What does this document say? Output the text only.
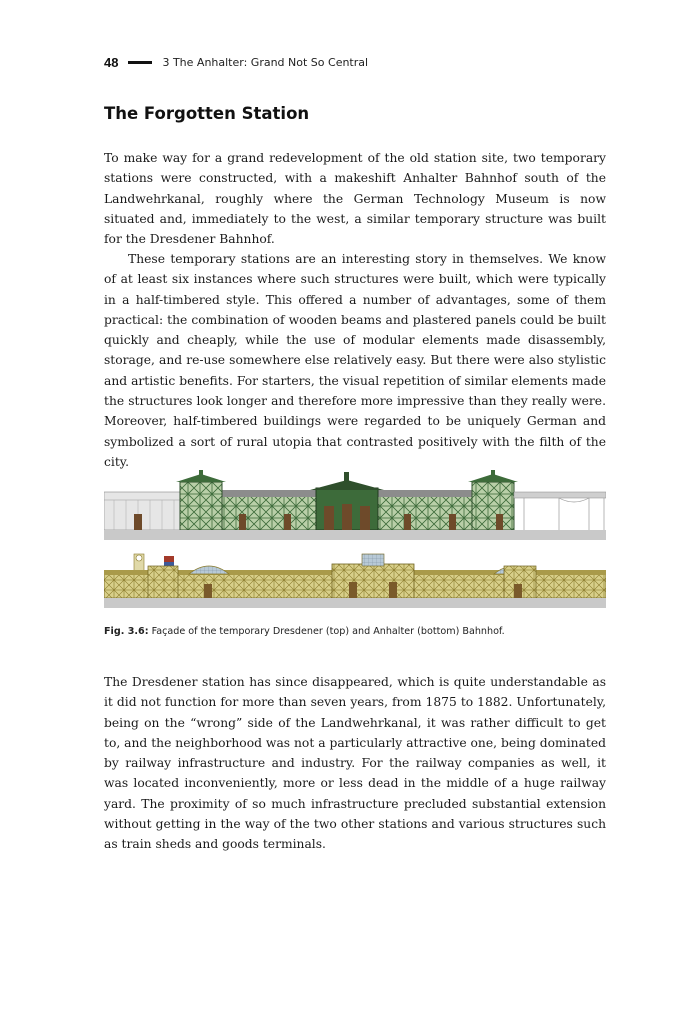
48	3 The Anhalter: Grand Not So Central
The Forgotten Station

To make way for a grand redevelopment of the old station site, two temporary stations were constructed, with a makeshift Anhalter Bahnhof south of the Landwehrkanal, roughly where the German Technology Museum is now situated and, immediately to the west, a similar temporary structure was built for the Dresdener Bahnhof.

These temporary stations are an interesting story in themselves. We know of at least six instances where such structures were built, which were typically in a half-timbered style. This offered a number of advantages, some of them practical: the combination of wooden beams and plastered panels could be built quickly and cheaply, while the use of modular elements made disassembly, storage, and re-use somewhere else relatively easy. But there were also stylistic and artistic benefits. For starters, the visual repetition of similar elements made the structures look longer and therefore more impressive than they really were. Moreover, half-timbered buildings were regarded to be uniquely German and symbolized a sort of rural utopia that contrasted positively with the filth of the city.

Fig. 3.6: Façade of the temporary Dresdener (top) and Anhalter (bottom) Bahnhof.

The Dresdener station has since disappeared, which is quite understandable as it did not function for more than seven years, from 1875 to 1882. Unfortunately, being on the “wrong” side of the Landwehrkanal, it was rather difficult to get to, and the neighborhood was not a particularly attractive one, being dominated by railway infrastructure and industry. For the railway companies as well, it was located inconveniently, more or less dead in the middle of a huge railway yard. The proximity of so much infrastructure precluded substantial extension without getting in the way of the two other stations and various structures such as train sheds and goods terminals.
